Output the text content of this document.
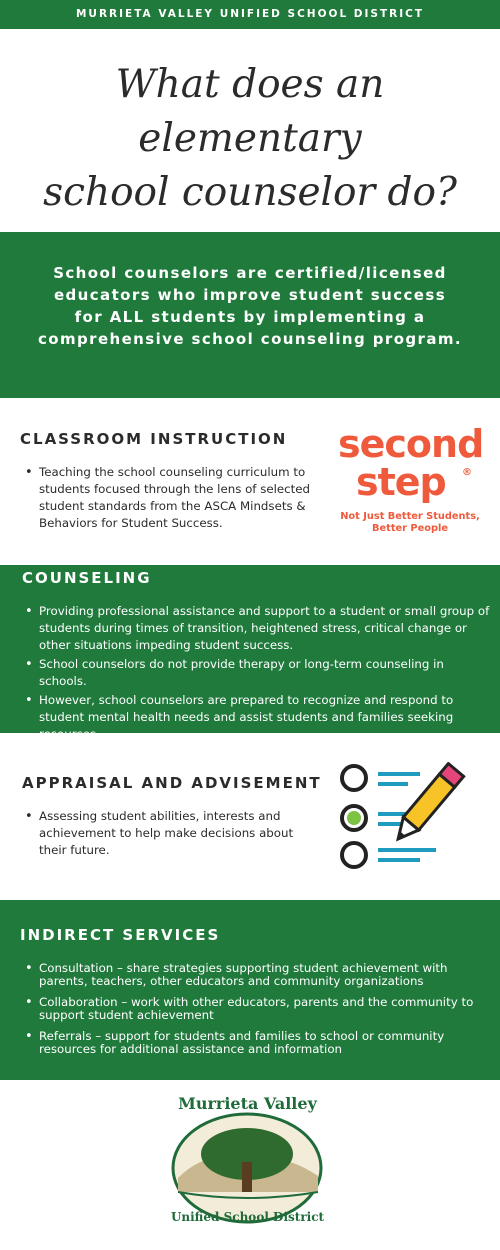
MURRIETA VALLEY UNIFIED SCHOOL DISTRICT
What does an elementary
school counselor do?
School counselors are certified/licensed educators who improve student success for ALL students by implementing a comprehensive school counseling program.
CLASSROOM INSTRUCTION
• Teaching the school counseling curriculum to students focused through the lens of selected student standards from the ASCA Mindsets & Behaviors for Student Success.
second
step ®
Not Just Better Students,
Better People
COUNSELING
• Providing professional assistance and support to a student or small group of students during times of transition, heightened stress, critical change or other situations impeding student success.
• School counselors do not provide therapy or long-term counseling in schools.
• However, school counselors are prepared to recognize and respond to student mental health needs and assist students and families seeking resources.
APPRAISAL AND ADVISEMENT
• Assessing student abilities, interests and achievement to help make decisions about their future.
INDIRECT SERVICES
• Consultation – share strategies supporting student achievement with parents, teachers, other educators and community organizations
• Collaboration – work with other educators, parents and the community to support student achievement
• Referrals – support for students and families to school or community resources for additional assistance and information
Murrieta Valley
Unified School District
